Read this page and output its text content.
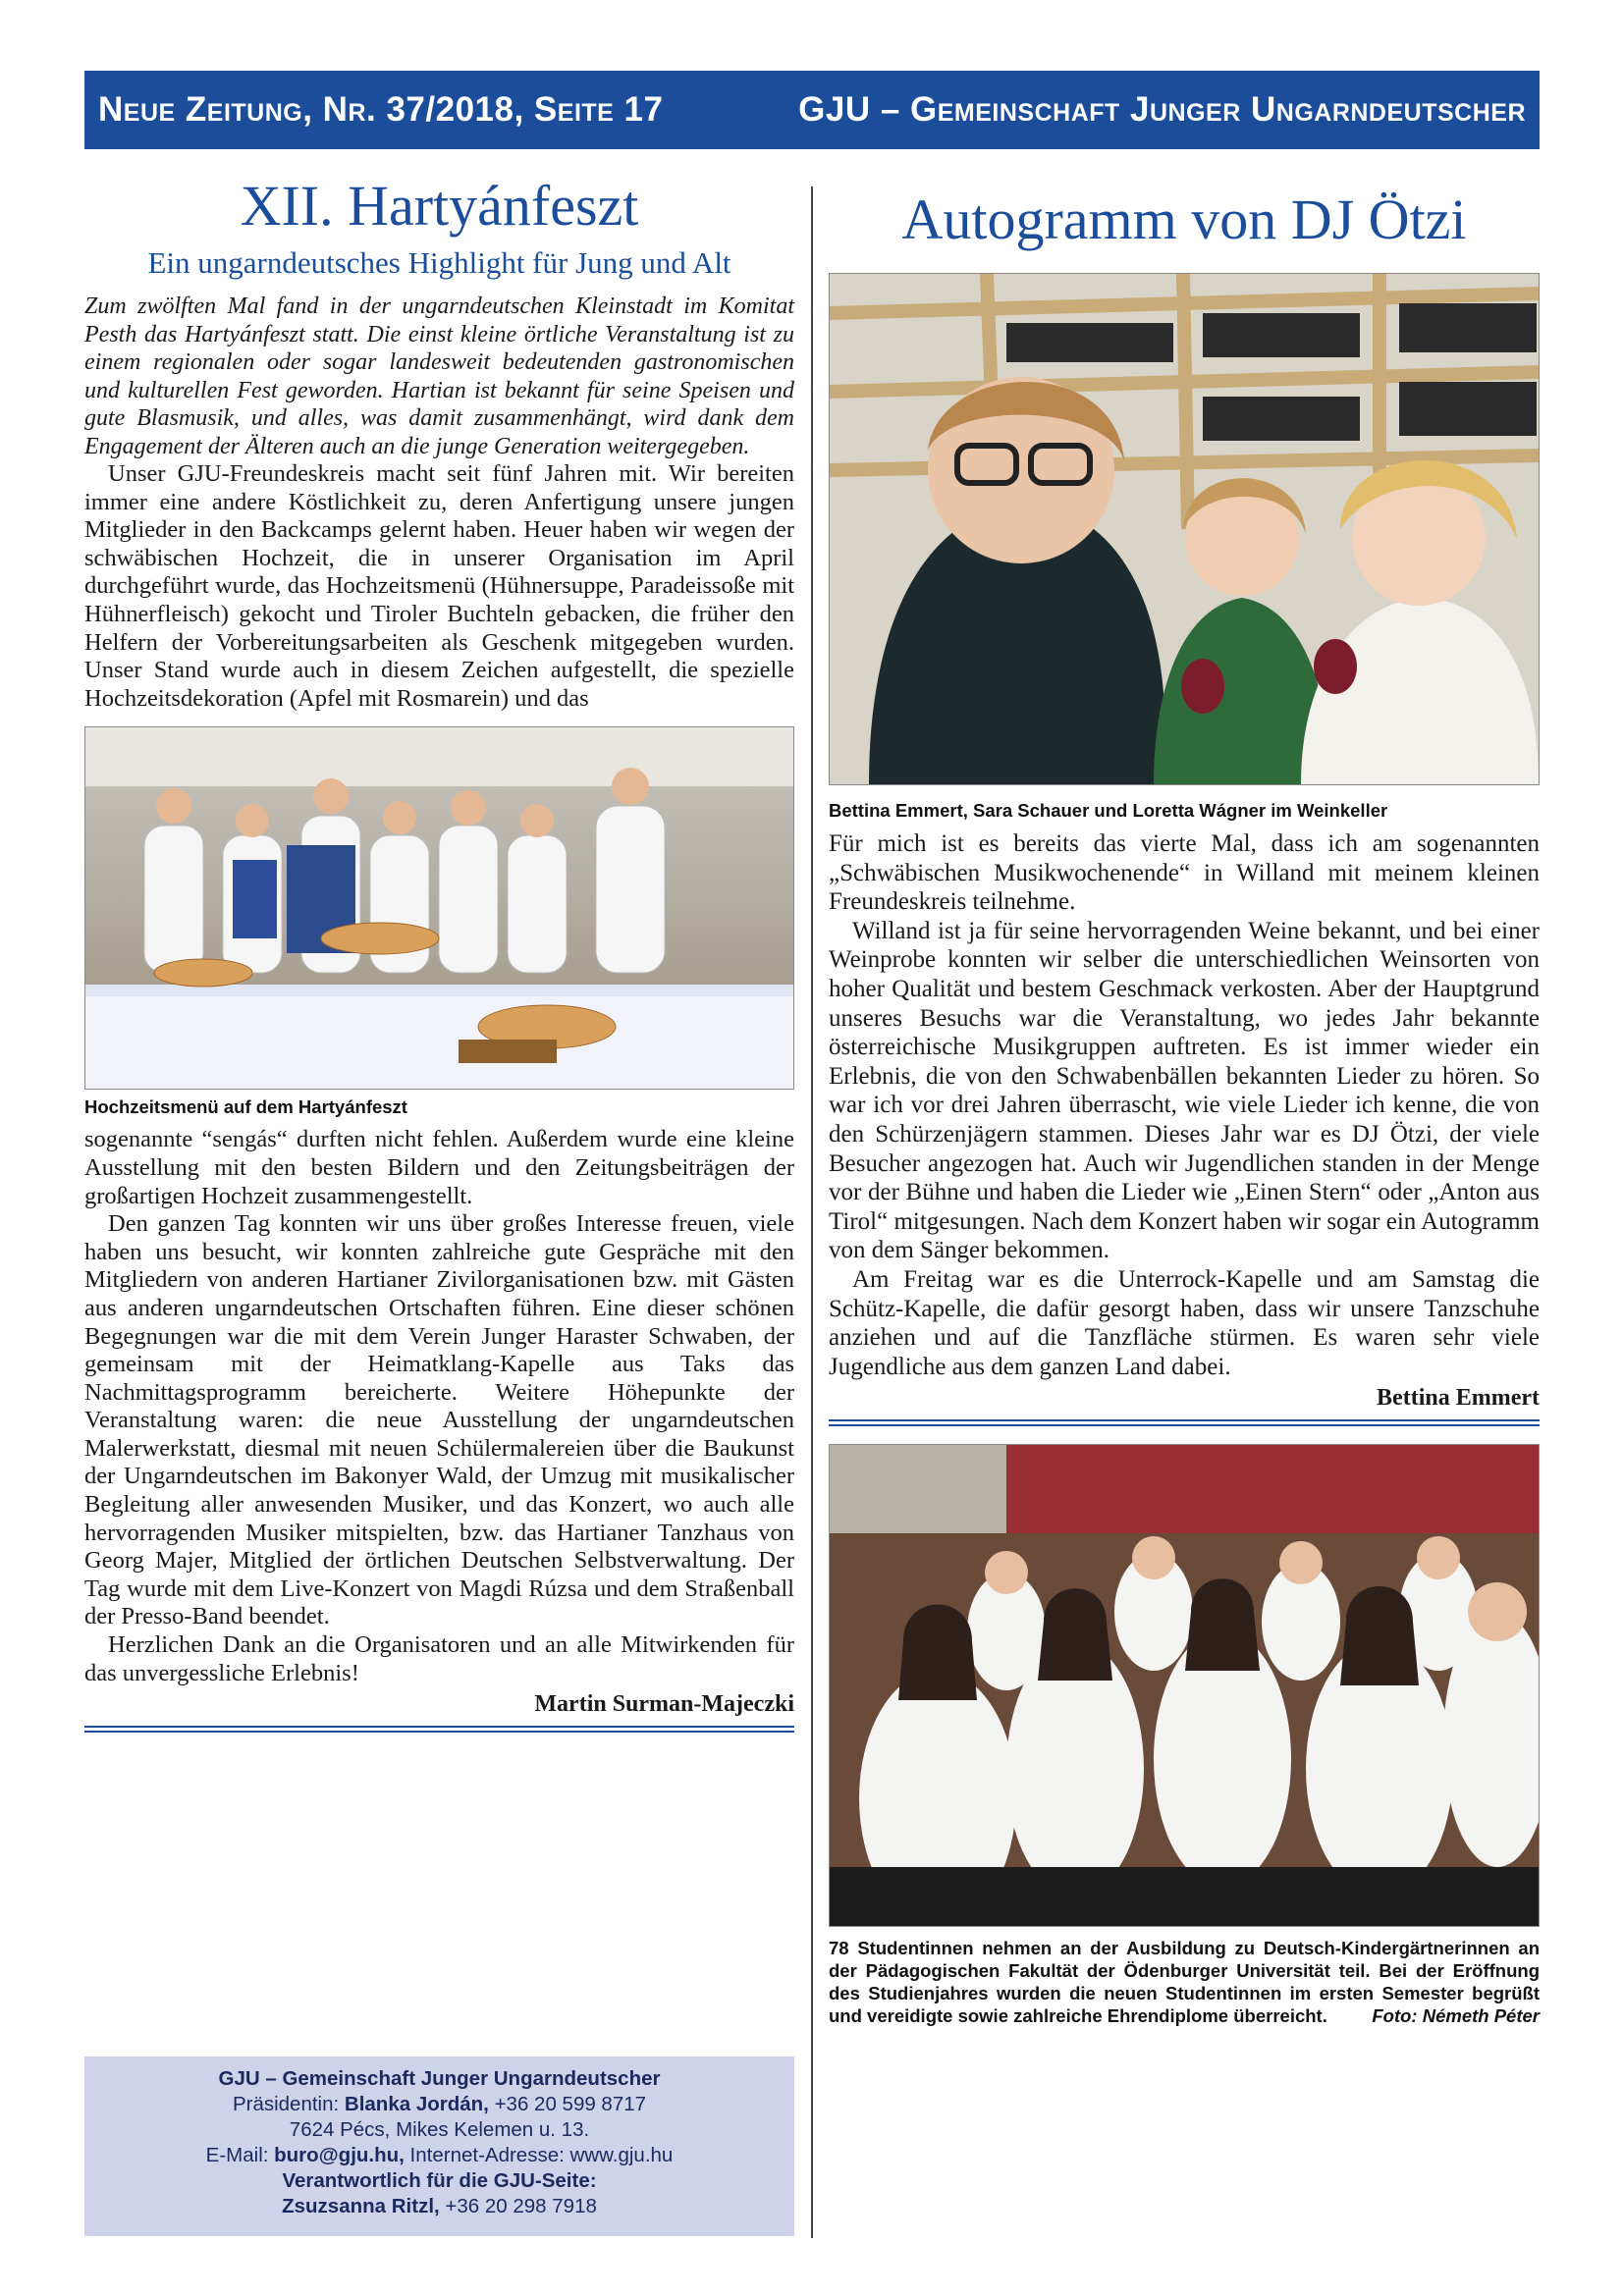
Neue Zeitung, Nr. 37/2018, Seite 17	GJU – Gemeinschaft Junger Ungarndeutscher
XII. Hartyánfeszt
Ein ungarndeutsches Highlight für Jung und Alt

Zum zwölften Mal fand in der ungarndeutschen Kleinstadt im Komitat Pesth das Hartyánfeszt statt. Die einst kleine örtliche Veranstaltung ist zu einem regionalen oder sogar landesweit bedeutenden gastronomischen und kulturellen Fest geworden. Hartian ist bekannt für seine Speisen und gute Blasmusik, und alles, was damit zusammenhängt, wird dank dem Engagement der Älteren auch an die junge Generation weitergegeben.

Unser GJU-Freundeskreis macht seit fünf Jahren mit. Wir bereiten immer eine andere Köstlichkeit zu, deren Anfertigung unsere jungen Mitglieder in den Backcamps gelernt haben. Heuer haben wir wegen der schwäbischen Hochzeit, die in unserer Organisation im April durchgeführt wurde, das Hochzeitsmenü (Hühnersuppe, Paradeissoße mit Hühnerfleisch) gekocht und Tiroler Buchteln gebacken, die früher den Helfern der Vorbereitungsarbeiten als Geschenk mitgegeben wurden. Unser Stand wurde auch in diesem Zeichen aufgestellt, die spezielle Hochzeitsdekoration (Apfel mit Rosmarein) und das

Hochzeitsmenü auf dem Hartyánfeszt

sogenannte “sengás“ durften nicht fehlen. Außerdem wurde eine kleine Ausstellung mit den besten Bildern und den Zeitungsbeiträgen der großartigen Hochzeit zusammengestellt.

Den ganzen Tag konnten wir uns über großes Interesse freuen, viele haben uns besucht, wir konnten zahlreiche gute Gespräche mit den Mitgliedern von anderen Hartianer Zivilorganisationen bzw. mit Gästen aus anderen ungarndeutschen Ortschaften führen. Eine dieser schönen Begegnungen war die mit dem Verein Junger Haraster Schwaben, der gemeinsam mit der Heimatklang-Kapelle aus Taks das Nachmittagsprogramm bereicherte. Weitere Höhepunkte der Veranstaltung waren: die neue Ausstellung der ungarndeutschen Malerwerkstatt, diesmal mit neuen Schülermalereien über die Baukunst der Ungarndeutschen im Bakonyer Wald, der Umzug mit musikalischer Begleitung aller anwesenden Musiker, und das Konzert, wo auch alle hervorragenden Musiker mitspielten, bzw. das Hartianer Tanzhaus von Georg Majer, Mitglied der örtlichen Deutschen Selbstverwaltung. Der Tag wurde mit dem Live-Konzert von Magdi Rúzsa und dem Straßenball der Presso-Band beendet.

Herzlichen Dank an die Organisatoren und an alle Mitwirkenden für das unvergessliche Erlebnis!

Martin Surman-Majeczki
GJU – Gemeinschaft Junger Ungarndeutscher
Präsidentin: Blanka Jordán, +36 20 599 8717
7624 Pécs, Mikes Kelemen u. 13.
E-Mail: buro@gju.hu, Internet-Adresse: www.gju.hu
Verantwortlich für die GJU-Seite:
Zsuzsanna Ritzl, +36 20 298 7918
Autogramm von DJ Ötzi
Bettina Emmert, Sara Schauer und Loretta Wágner im Weinkeller

Für mich ist es bereits das vierte Mal, dass ich am sogenannten „Schwäbischen Musikwochenende“ in Willand mit meinem kleinen Freundeskreis teilnehme.

Willand ist ja für seine hervorragenden Weine bekannt, und bei einer Weinprobe konnten wir selber die unterschiedlichen Weinsorten von hoher Qualität und bestem Geschmack verkosten. Aber der Hauptgrund unseres Besuchs war die Veranstaltung, wo jedes Jahr bekannte österreichische Musikgruppen auftreten. Es ist immer wieder ein Erlebnis, die von den Schwabenbällen bekannten Lieder zu hören. So war ich vor drei Jahren überrascht, wie viele Lieder ich kenne, die von den Schürzenjägern stammen. Dieses Jahr war es DJ Ötzi, der viele Besucher angezogen hat. Auch wir Jugendlichen standen in der Menge vor der Bühne und haben die Lieder wie „Einen Stern“ oder „Anton aus Tirol“ mitgesungen. Nach dem Konzert haben wir sogar ein Autogramm von dem Sänger bekommen.

Am Freitag war es die Unterrock-Kapelle und am Samstag die Schütz-Kapelle, die dafür gesorgt haben, dass wir unsere Tanzschuhe anziehen und auf die Tanzfläche stürmen. Es waren sehr viele Jugendliche aus dem ganzen Land dabei.

Bettina Emmert
78 Studentinnen nehmen an der Ausbildung zu Deutsch-Kindergärtnerinnen an der Pädagogischen Fakultät der Ödenburger Universität teil. Bei der Eröffnung des Studienjahres wurden die neuen Studentinnen im ersten Semester begrüßt und vereidigte sowie zahlreiche Ehrendiplome überreicht. Foto: Németh Péter
